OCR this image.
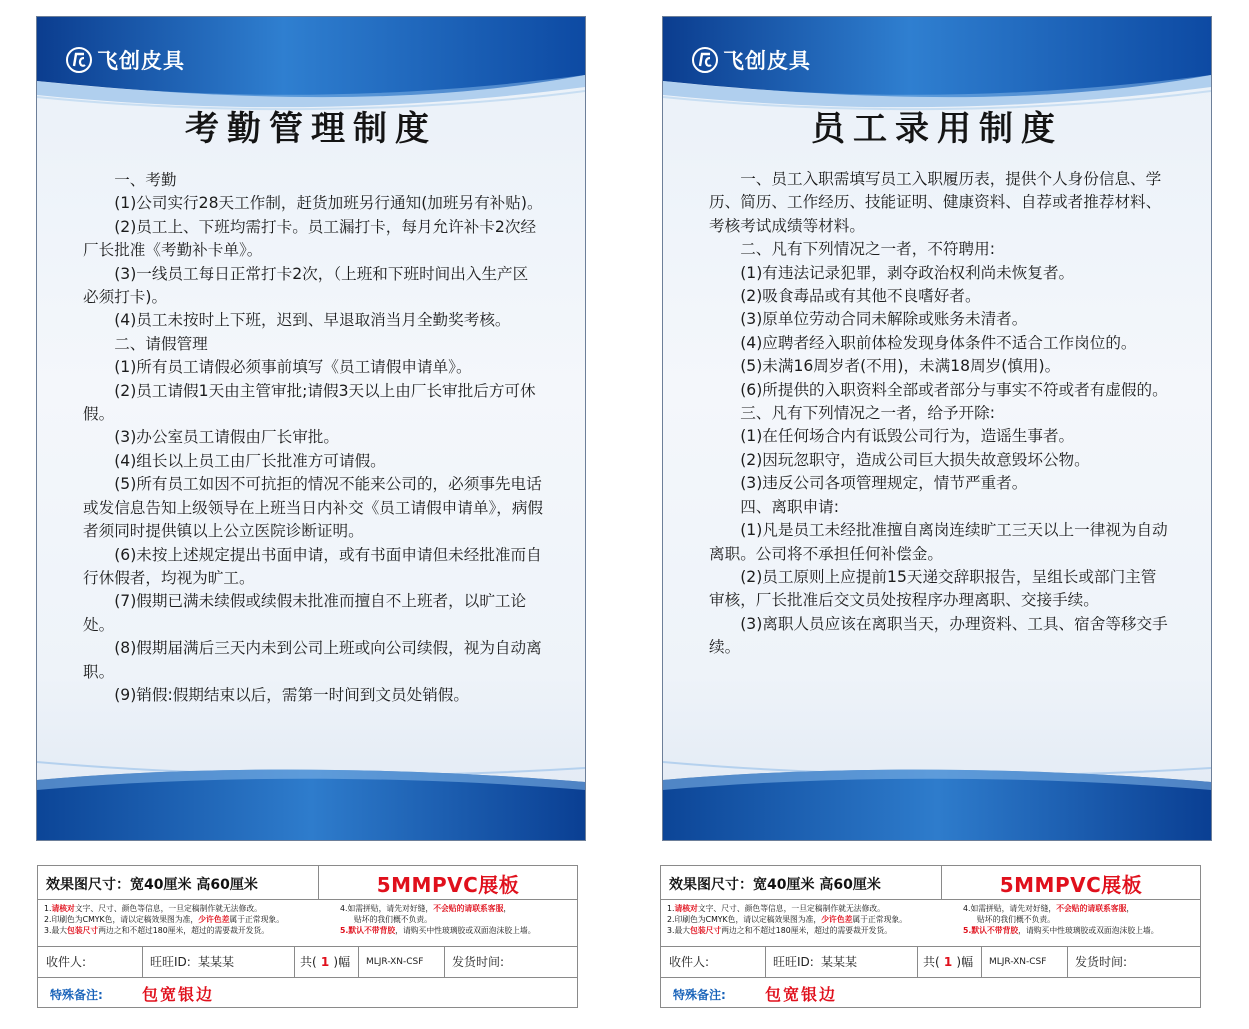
飞创皮具
考勤管理制度

一、考勤

(1)公司实行28天工作制，赶货加班另行通知(加班另有补贴)。

(2)员工上、下班均需打卡。员工漏打卡，每月允许补卡2次经厂长批准《考勤补卡单》。

(3)一线员工每日正常打卡2次，（上班和下班时间出入生产区必须打卡)。

(4)员工未按时上下班，迟到、早退取消当月全勤奖考核。

二、请假管理

(1)所有员工请假必须事前填写《员工请假申请单》。

(2)员工请假1天由主管审批;请假3天以上由厂长审批后方可休假。

(3)办公室员工请假由厂长审批。

(4)组长以上员工由厂长批准方可请假。

(5)所有员工如因不可抗拒的情况不能来公司的，必须事先电话或发信息告知上级领导在上班当日内补交《员工请假申请单》，病假者须同时提供镇以上公立医院诊断证明。

(6)未按上述规定提出书面申请，或有书面申请但未经批准而自行休假者，均视为旷工。

(7)假期已满未续假或续假未批准而擅自不上班者，以旷工论处。

(8)假期届满后三天内未到公司上班或向公司续假，视为自动离职。

(9)销假:假期结束以后，需第一时间到文员处销假。

飞创皮具
员工录用制度

一、员工入职需填写员工入职履历表，提供个人身份信息、学历、简历、工作经历、技能证明、健康资料、自荐或者推荐材料、考核考试成绩等材料。

二、凡有下列情况之一者，不符聘用:

(1)有违法记录犯罪，剥夺政治权利尚未恢复者。

(2)吸食毒品或有其他不良嗜好者。

(3)原单位劳动合同未解除或账务未清者。

(4)应聘者经入职前体检发现身体条件不适合工作岗位的。

(5)未满16周岁者(不用)，未满18周岁(慎用)。

(6)所提供的入职资料全部或者部分与事实不符或者有虚假的。

三、凡有下列情况之一者，给予开除:

(1)在任何场合内有诋毁公司行为，造谣生事者。

(2)因玩忽职守，造成公司巨大损失故意毁坏公物。

(3)违反公司各项管理规定，情节严重者。

四、离职申请:

(1)凡是员工未经批准擅自离岗连续旷工三天以上一律视为自动离职。公司将不承担任何补偿金。

(2)员工原则上应提前15天递交辞职报告，呈组长或部门主管审核，厂长批准后交文员处按程序办理离职、交接手续。

(3)离职人员应该在离职当天，办理资料、工具、宿舍等移交手续。

效果图尺寸：宽40厘米 高60厘米	5MMPVC展板
1.请核对文字、尺寸、颜色等信息，一旦定稿制作就无法修改。
2.印刷色为CMYK色，请以定稿效果图为准，少许色差属于正常现象。
3.最大包装尺寸两边之和不超过180厘米，超过的需要裁开发货。
4.如需拼贴，请先对好缝，不会贴的请联系客服，
贴坏的我们概不负责。
5.默认不带背胶，请购买中性玻璃胶或双面泡沫胶上墙。
收件人:	旺旺ID: 某某某	共( 1 )幅 MLJR-XN-CSF 发货时间:
特殊备注: 包宽银边
效果图尺寸：宽40厘米 高60厘米	5MMPVC展板
1.请核对文字、尺寸、颜色等信息，一旦定稿制作就无法修改。
2.印刷色为CMYK色，请以定稿效果图为准，少许色差属于正常现象。
3.最大包装尺寸两边之和不超过180厘米，超过的需要裁开发货。
4.如需拼贴，请先对好缝，不会贴的请联系客服，
贴坏的我们概不负责。
5.默认不带背胶，请购买中性玻璃胶或双面泡沫胶上墙。
收件人:	旺旺ID: 某某某	共( 1 )幅 MLJR-XN-CSF 发货时间:
特殊备注: 包宽银边
